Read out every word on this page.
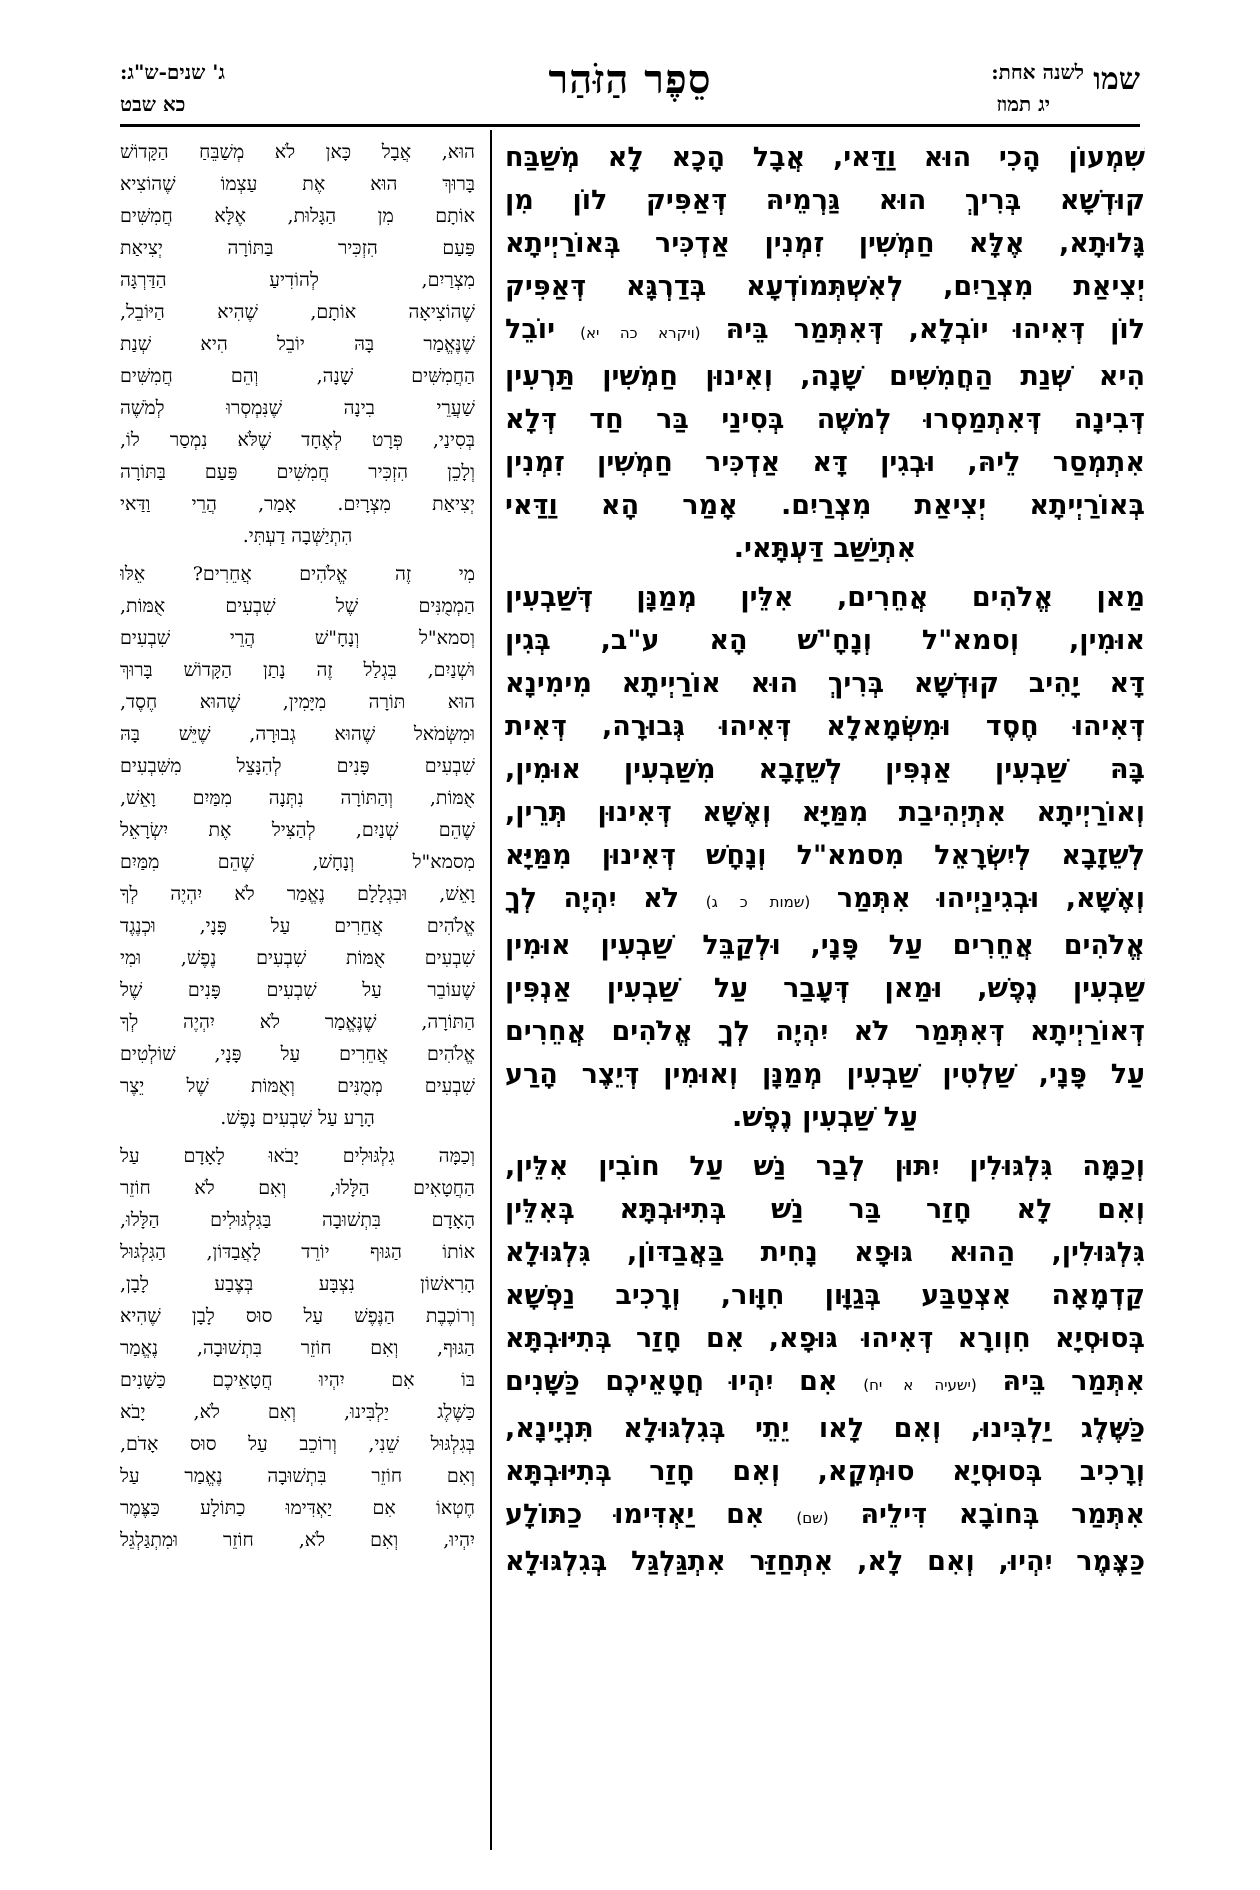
שמו
לשנה אחת:
יג תמוז
סֵפֶר הַזֹּהַר
ג' שנים-ש"ג:
כא שבט
שִׁמְעוֹן הָכִי הוּא וַדַּאי, אֲבָל הָכָא לָא מְשַׁבַּח
קוּדְשָׁא בְּרִיךְ הוּא גַּרְמֵיהּ דְּאַפִּיק לוֹן מִן
גָּלוּתָא, אֶלָּא חַמְשִׁין זִמְנִין אַדְכִּיר בְּאוֹרַיְיתָא
יְצִיאַת מִצְרַיִם, לְאִשְׁתְּמוֹדְעָא בְּדַרְגָּא דְּאַפִּיק
לוֹן דְּאִיהוּ יוֹבְלָא, דְּאִתְּמַר בֵּיהּ (ויקרא כה יא) יוֹבֵל
הִיא שְׁנַת הַחֲמִשִּׁים שָׁנָה, וְאִינוּן חַמְשִׁין תַּרְעִין
דְּבִינָה דְּאִתְמַסְרוּ לְמֹשֶׁה בְּסִינַי בַּר חַד דְּלָא
אִתְמְסַר לֵיהּ, וּבְגִין דָּא אַדְכִּיר חַמְשִׁין זִמְנִין
בְּאוֹרַיְיתָא יְצִיאַת מִצְרַיִם. אָמַר הָא וַדַּאי
אִתְיַשַּׁב דַּעְתָּאי.
מַאן אֱלֹהִים אֲחֵרִים, אִלֵּין מְמַנָּן דְּשַׁבְעִין
אוּמִין, וְסמא"ל וְנָחָ"שׁ הָא ע"ב, בְּגִין
דָּא יָהִיב קוּדְשָׁא בְּרִיךְ הוּא אוֹרַיְיתָא מִימִינָא
דְּאִיהוּ חֶסֶד וּמִשְּׂמָאלָא דְּאִיהוּ גְּבוּרָה, דְּאִית
בָּהּ שַׁבְעִין אַנְפִּין לְשֵׁזָבָא מִשַּׁבְעִין אוּמִין,
וְאוֹרַיְיתָא אִתְיְהִיבַת מִמַּיָּא וְאֶשָּׁא דְּאִינוּן תְּרֵין,
לְשֵׁזָבָא לְיִשְׂרָאֵל מִסמא"ל וְנָחָשׁ דְּאִינוּן מִמַּיָּא
וְאֶשָּׁא, וּבְגִינַיְיהוּ אִתְּמַר (שמות כ ג) לֹא יִהְיֶה לְךָ
אֱלֹהִים אֲחֵרִים עַל פָּנָי, וּלְקַבֵּל שַׁבְעִין אוּמִין
שַׁבְעִין נֶפֶשׁ, וּמַאן דְּעָבַר עַל שַׁבְעִין אַנְפִּין
דְּאוֹרַיְיתָא דְּאִתְּמַר לֹא יִהְיֶה לְךָ אֱלֹהִים אֲחֵרִים
עַל פָּנָי, שַׁלְטִין שַׁבְעִין מְמַנָּן וְאוּמִין דְּיֵצֶר הָרַע
עַל שַׁבְעִין נֶפֶשׁ.
וְכַמָּה גִּלְגּוּלִין יִתּוּן לְבַר נַשׁ עַל חוֹבִין אִלֵּין,
וְאִם לָא חָזַר בַּר נַשׁ בְּתִיּוּבְתָּא בְּאִלֵּין
גִּלְגּוּלִין, הַהוּא גּוּפָא נָחִית בַּאֲבַדּוֹן, גִּלְגּוּלָא
קַדְמָאָה אִצְטַבַּע בְּגַוָּון חִוָּור, וְרָכִיב נַפְשָׁא
בְּסוּסְיָא חִוְורָא דְּאִיהוּ גּוּפָא, אִם חָזַר בְּתִיּוּבְתָּא
אִתְּמַר בֵּיהּ (ישעיה א יח) אִם יִהְיוּ חֲטָאֵיכֶם כַּשָּׁנִים
כַּשֶּׁלֶג יַלְבִּינוּ, וְאִם לָאו יֵתֵי בְּגִלְגּוּלָא תִּנְיָינָא,
וְרָכִיב בְּסוּסְיָא סוּמְקָא, וְאִם חָזַר בְּתִיּוּבְתָּא
אִתְּמַר בְּחוֹבָא דִּילֵיהּ (שם) אִם יַאְדִּימוּ כַתּוֹלָע
כַּצֶּמֶר יִהְיוּ, וְאִם לָא, אִתְחַזַּר אִתְגַּלְגַּל בְּגִלְגּוּלָא
הוּא, אֲבָל כָּאן לֹא מְשַׁבֵּחַ הַקָּדוֹשׁ
בָּרוּךְ הוּא אֶת עַצְמוֹ שֶׁהוֹצִיא
אוֹתָם מִן הַגָּלוּת, אֶלָּא חֲמִשִּׁים
פַּעַם הִזְכִּיר בַּתּוֹרָה יְצִיאַת
מִצְרַיִם, לְהוֹדִיעַ הַדַּרְגָּה
שֶׁהוֹצִיאָה אוֹתָם, שֶׁהִיא הַיּוֹבֵל,
שֶׁנֶּאֱמַר בָּהּ יוֹבֵל הִיא שְׁנַת
הַחֲמִשִּׁים שָׁנָה, וְהֵם חֲמִשִּׁים
שַׁעֲרֵי בִינָה שֶׁנִּמְסְרוּ לְמֹשֶׁה
בְּסִינַי, פְּרָט לְאֶחָד שֶׁלֹּא נִמְסַר לוֹ,
וְלָכֵן הִזְכִּיר חֲמִשִּׁים פַּעַם בַּתּוֹרָה
יְצִיאַת מִצְרָיִם. אָמַר, הֲרֵי וַדַּאי
הִתְיַשְּׁבָה דַעְתִּי.
מִי זֶה אֱלֹהִים אֲחֵרִים? אֵלּוּ
הַמְמֻנִּים שֶׁל שִׁבְעִים אֻמּוֹת,
וְסמא"ל וְנָחָ"שׁ הֲרֵי שִׁבְעִים
וּשְׁנַיִם, בִּגְלַל זֶה נָתַן הַקָּדוֹשׁ בָּרוּךְ
הוּא תּוֹרָה מִיָּמִין, שֶׁהוּא חֶסֶד,
וּמִשְּׂמֹאל שֶׁהוּא גְבוּרָה, שֶׁיֵּשׁ בָּהּ
שִׁבְעִים פָּנִים לְהִנָּצֵל מִשִּׁבְעִים
אֻמּוֹת, וְהַתּוֹרָה נִתְּנָה מִמַּיִם וָאֵשׁ,
שֶׁהֵם שְׁנַיִם, לְהַצִּיל אֶת יִשְׂרָאֵל
מִסמא"ל וְנָחָשׁ, שֶׁהֵם מִמַּיִם
וָאֵשׁ, וּבִגְלָלָם נֶאֱמַר לֹא יִהְיֶה לְךָ
אֱלֹהִים אֲחֵרִים עַל פָּנָי, וּכְנֶגֶד
שִׁבְעִים אֻמּוֹת שִׁבְעִים נֶפֶשׁ, וּמִי
שֶׁעוֹבֵר עַל שִׁבְעִים פָּנִים שֶׁל
הַתּוֹרָה, שֶׁנֶּאֱמַר לֹא יִהְיֶה לְךָ
אֱלֹהִים אֲחֵרִים עַל פָּנָי, שׁוֹלְטִים
שִׁבְעִים מְמֻנִּים וְאֻמּוֹת שֶׁל יֵצֶר
הָרָע עַל שִׁבְעִים נָפֶשׁ.
וְכַמָּה גִלְגּוּלִים יָבֹאוּ לָאָדָם עַל
הַחֲטָאִים הַלָּלוּ, וְאִם לֹא חוֹזֵר
הָאָדָם בִּתְשׁוּבָה בַּגִּלְגּוּלִים הַלָּלוּ,
אוֹתוֹ הַגּוּף יוֹרֵד לָאֲבַדּוֹן, הַגִּלְגּוּל
הָרִאשׁוֹן נִצְבָּע בְּצֶבַע לָבָן,
וְרוֹכֶבֶת הַנֶּפֶשׁ עַל סוּס לָבָן שֶׁהִיא
הַגּוּף, וְאִם חוֹזֵר בִּתְשׁוּבָה, נֶאֱמַר
בּוֹ אִם יִהְיוּ חֲטָאֵיכֶם כַּשָּׁנִים
כַּשֶּׁלֶג יַלְבִּינוּ, וְאִם לֹא, יָבֹא
בְּגִלְגּוּל שֵׁנִי, וְרוֹכֵב עַל סוּס אָדֹם,
וְאִם חוֹזֵר בִּתְשׁוּבָה נֶאֱמַר עַל
חֶטְאוֹ אִם יַאְדִּימוּ כַתּוֹלָע כַּצֶּמֶר
יִהְיוּ, וְאִם לֹא, חוֹזֵר וּמִתְגַּלְגֵּל
